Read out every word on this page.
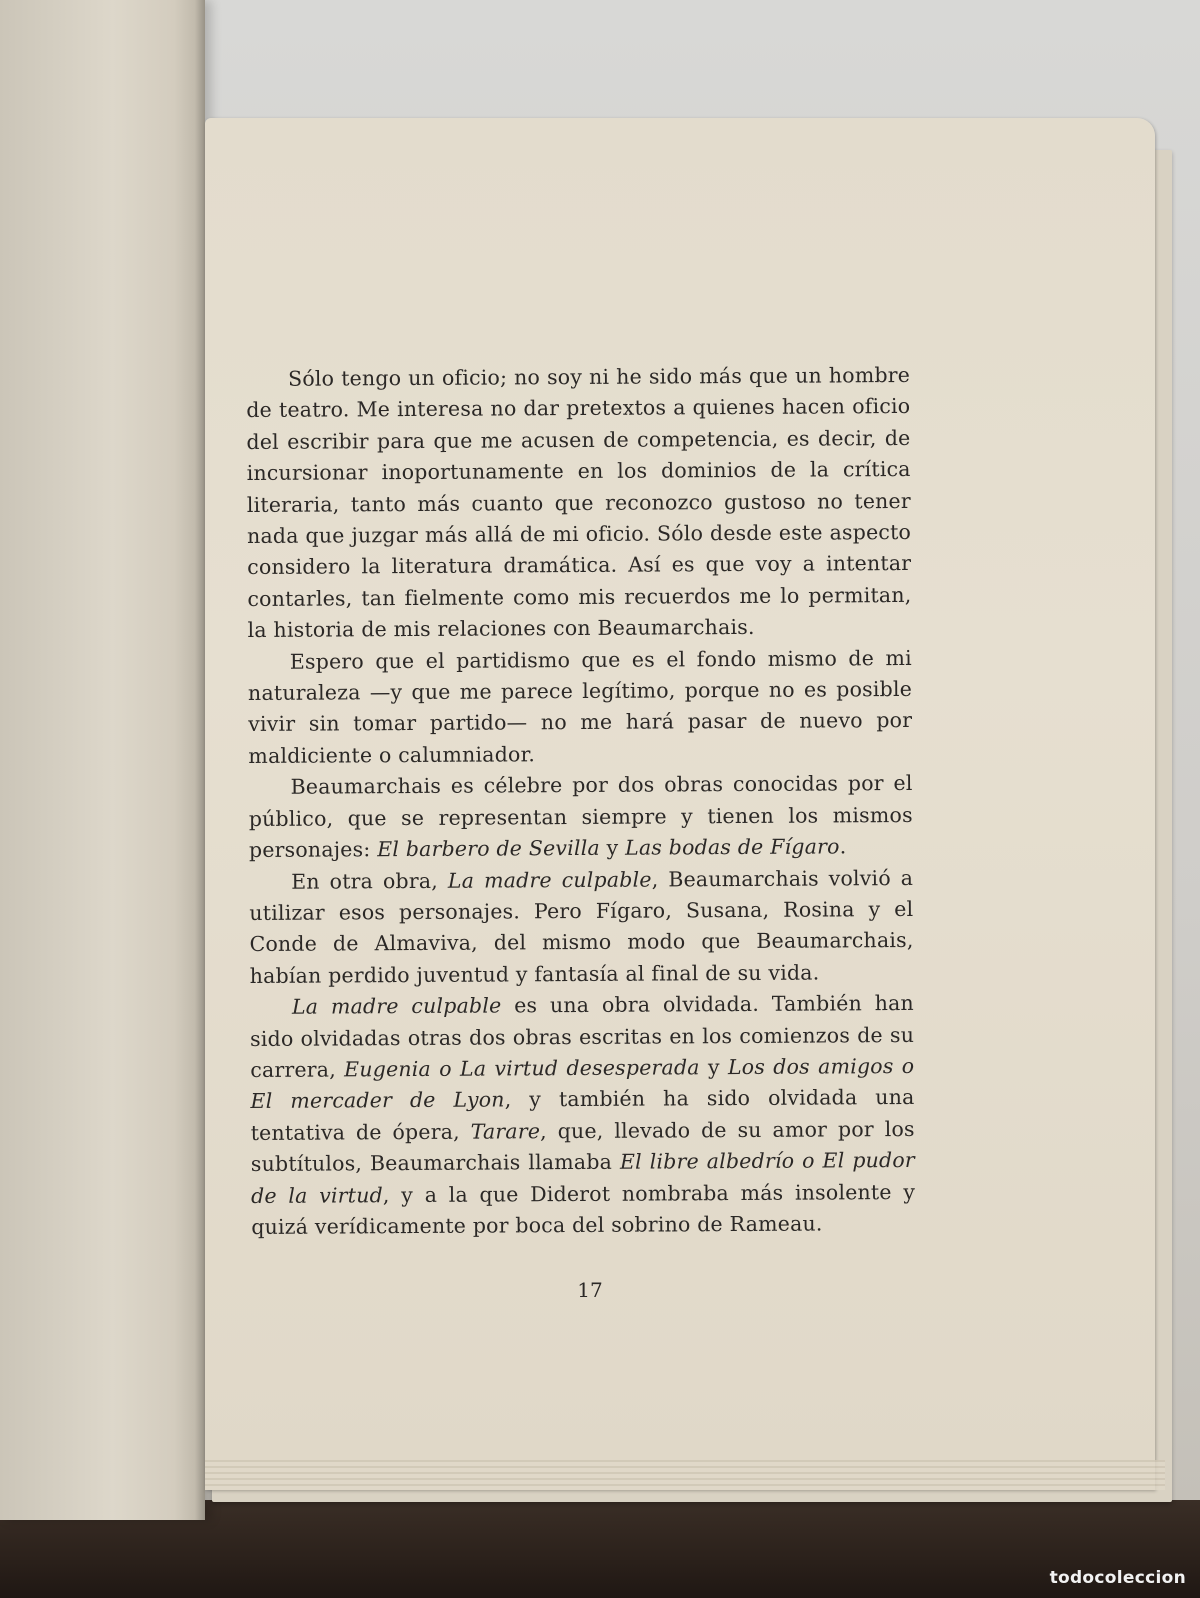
Sólo tengo un oficio; no soy ni he sido más que un hombre de teatro. Me interesa no dar pretextos a quienes hacen oficio del escribir para que me acusen de competencia, es decir, de incursionar inoportunamente en los dominios de la crítica literaria, tanto más cuanto que reconozco gustoso no tener nada que juzgar más allá de mi oficio. Sólo desde este aspecto considero la literatura dramática. Así es que voy a intentar contarles, tan fielmente como mis recuerdos me lo permitan, la historia de mis relaciones con Beaumarchais.

Espero que el partidismo que es el fondo mismo de mi naturaleza —y que me parece legítimo, porque no es posible vivir sin tomar partido— no me hará pasar de nuevo por maldiciente o calumniador.

Beaumarchais es célebre por dos obras conocidas por el público, que se representan siempre y tienen los mismos personajes: El barbero de Sevilla y Las bodas de Fígaro.

En otra obra, La madre culpable, Beaumarchais volvió a utilizar esos personajes. Pero Fígaro, Susana, Rosina y el Conde de Almaviva, del mismo modo que Beaumarchais, habían perdido juventud y fantasía al final de su vida.

La madre culpable es una obra olvidada. También han sido olvidadas otras dos obras escritas en los comienzos de su carrera, Eugenia o La virtud desesperada y Los dos amigos o El mercader de Lyon, y también ha sido olvidada una tentativa de ópera, Tarare, que, llevado de su amor por los subtítulos, Beaumarchais llamaba El libre albedrío o El pudor de la virtud, y a la que Diderot nombraba más insolente y quizá verídicamente por boca del sobrino de Rameau.

17
todocoleccion
